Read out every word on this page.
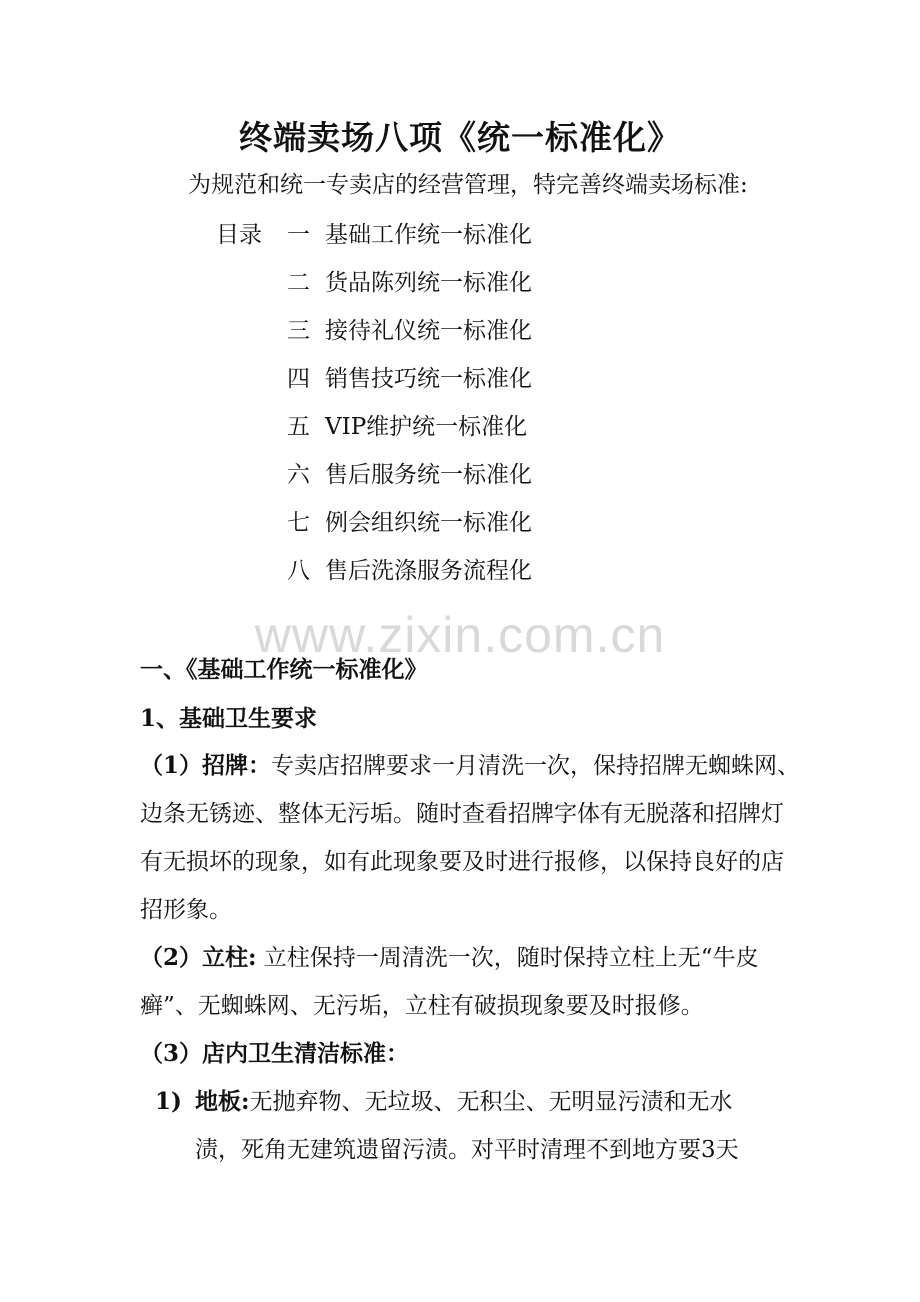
终端卖场八项《统一标准化》
为规范和统一专卖店的经营管理，特完善终端卖场标准:
目录 一 基础工作统一标准化
二 货品陈列统一标准化
三 接待礼仪统一标准化
四 销售技巧统一标准化
五 VIP维护统一标准化
六 售后服务统一标准化
七 例会组织统一标准化
八 售后洗涤服务流程化
www.zixin.com.cn
一、《基础工作统一标准化》
1、基础卫生要求
（1）招牌：专卖店招牌要求一月清洗一次，保持招牌无蜘蛛网、边条无锈迹、整体无污垢。随时查看招牌字体有无脱落和招牌灯有无损坏的现象，如有此现象要及时进行报修，以保持良好的店招形象。
（2）立柱: 立柱保持一周清洗一次，随时保持立柱上无“牛皮癣”、无蜘蛛网、无污垢，立柱有破损现象要及时报修。
（3）店内卫生清洁标准：
1) 地板:无抛弃物、无垃圾、无积尘、无明显污渍和无水
渍，死角无建筑遗留污渍。对平时清理不到地方要3天
